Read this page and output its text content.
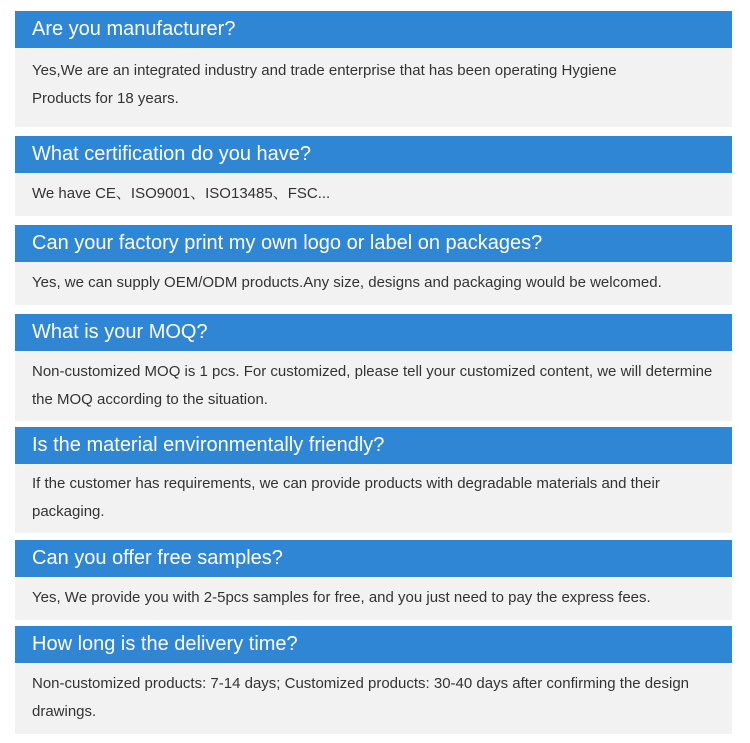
Are you manufacturer?

Yes,We are an integrated industry and trade enterprise that has been operating Hygiene Products for 18 years.

What certification do you have?

We have CE、ISO9001、ISO13485、FSC...

Can your factory print my own logo or label on packages?

Yes, we can supply OEM/ODM products.Any size, designs and packaging would be welcomed.

What is your MOQ?

Non-customized MOQ is 1 pcs. For customized, please tell your customized content, we will determine

the MOQ according to the situation.

Is the material environmentally friendly?

If the customer has requirements, we can provide products with degradable materials and their packaging.

Can you offer free samples?

Yes, We provide you with 2-5pcs samples for free, and you just need to pay the express fees.

How long is the delivery time?

Non-customized products: 7-14 days; Customized products: 30-40 days after confirming the design drawings.
